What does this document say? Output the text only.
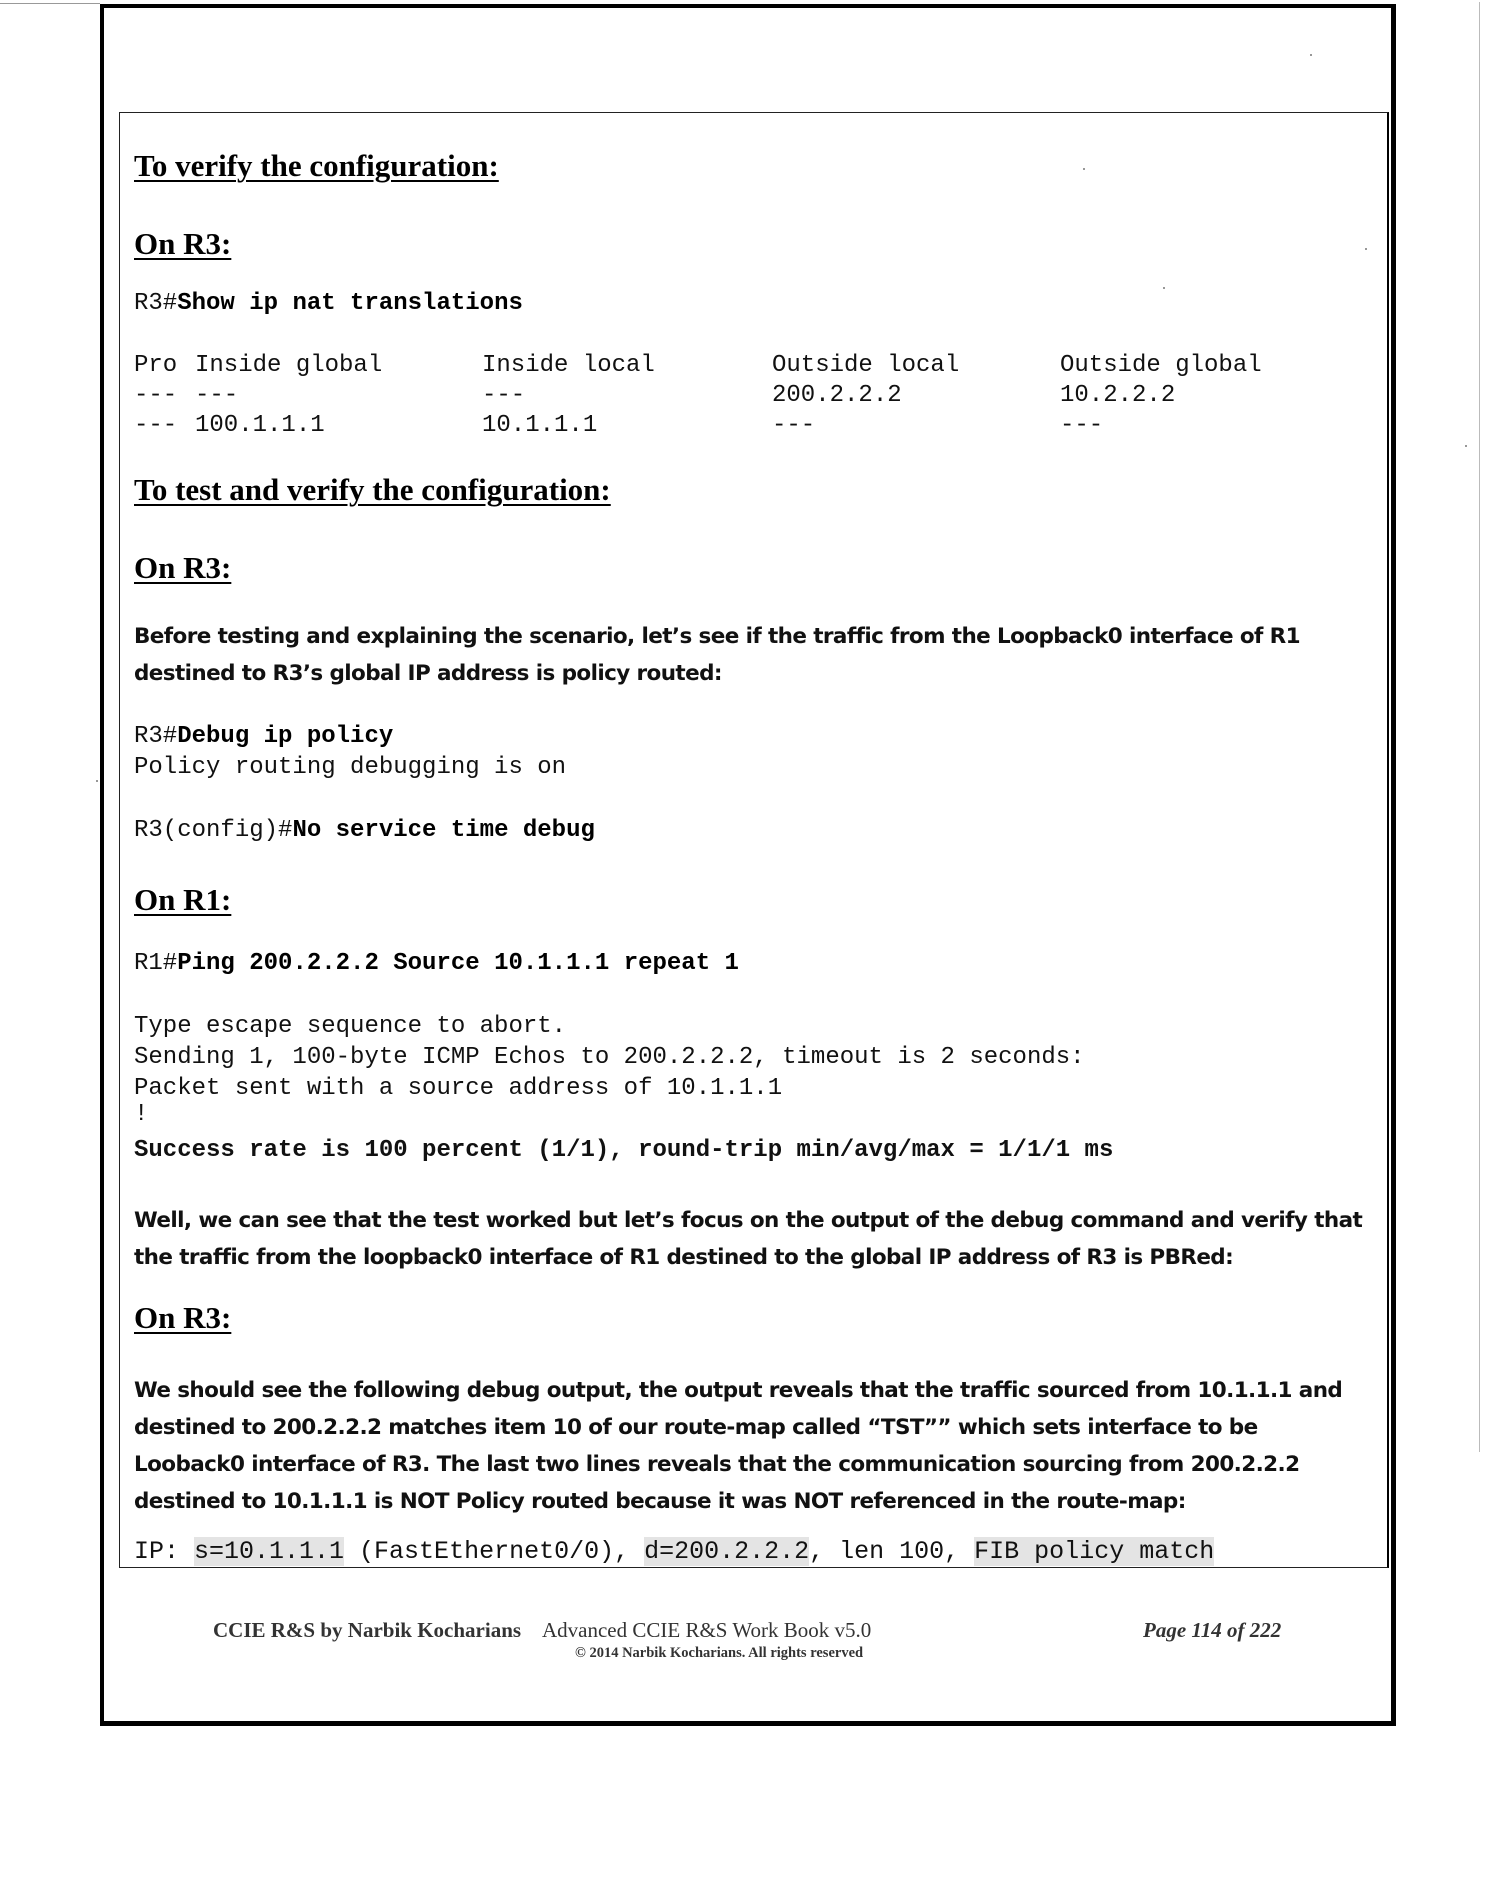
To verify the configuration:
On R3:
R3#Show ip nat translations
Pro Inside global	Inside local	Outside local	Outside global
--- ---	---	200.2.2.2	10.2.2.2
--- 100.1.1.1	10.1.1.1	---	---
To test and verify the configuration:
On R3:
Before testing and explaining the scenario, let’s see if the traffic from the Loopback0 interface of R1 destined to R3’s global IP address is policy routed:
R3#Debug ip policy
Policy routing debugging is on
R3(config)#No service time debug
On R1:
R1#Ping 200.2.2.2 Source 10.1.1.1 repeat 1
Type escape sequence to abort.
Sending 1, 100-byte ICMP Echos to 200.2.2.2, timeout is 2 seconds:
Packet sent with a source address of 10.1.1.1
!
Success rate is 100 percent (1/1), round-trip min/avg/max = 1/1/1 ms
Well, we can see that the test worked but let’s focus on the output of the debug command and verify that the traffic from the loopback0 interface of R1 destined to the global IP address of R3 is PBRed:
On R3:
We should see the following debug output, the output reveals that the traffic sourced from 10.1.1.1 and destined to 200.2.2.2 matches item 10 of our route-map called “TST”” which sets interface to be Looback0 interface of R3. The last two lines reveals that the communication sourcing from 200.2.2.2 destined to 10.1.1.1 is NOT Policy routed because it was NOT referenced in the route-map:
IP: s=10.1.1.1 (FastEthernet0/0), d=200.2.2.2, len 100, FIB policy match
CCIE R&S by Narbik Kocharians Advanced CCIE R&S Work Book v5.0
© 2014 Narbik Kocharians. All rights reserved
Page 114 of 222
